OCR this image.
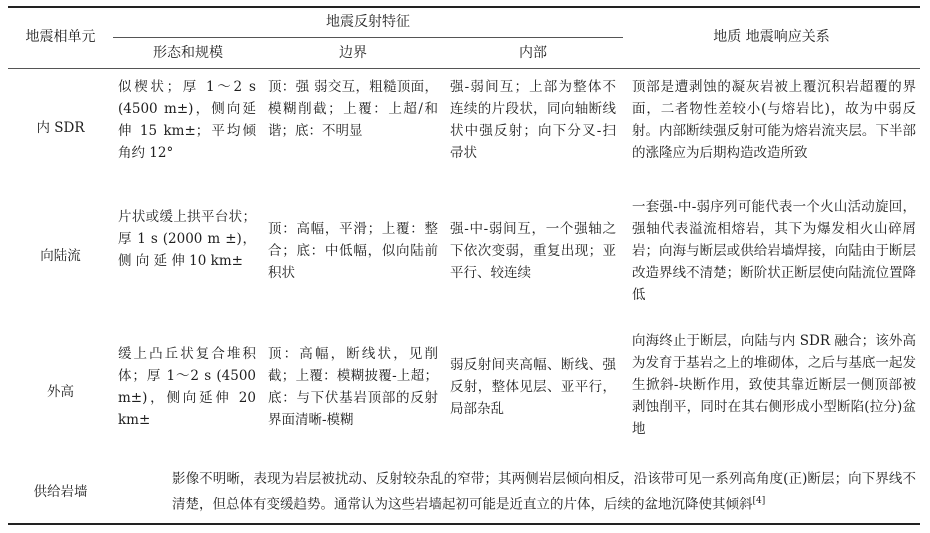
地震相单元
地震反射特征
形态和规模	边界	内部
地质 地震响应关系
内 SDR
似楔状；厚 1～2 s (4500 m±)，侧向延伸 15 km±；平均倾角约 12°
顶：强 弱交互，粗糙顶面，模糊削截；上覆：上超/和谐；底：不明显
强-弱间互；上部为整体不连续的片段状，同向轴断线状中强反射；向下分叉-扫帚状
顶部是遭剥蚀的凝灰岩被上覆沉积岩超覆的界面，二者物性差较小(与熔岩比)，故为中弱反射。内部断续强反射可能为熔岩流夹层。下半部的涨隆应为后期构造改造所致
向陆流
片状或缓上拱平台状；厚 1 s (2000 m ±)，侧 向 延 伸 10 km±
顶：高幅，平滑；上覆：整合；底：中低幅，似向陆前积状
强-中-弱间互，一个强轴之下依次变弱，重复出现；亚平行、较连续
一套强-中-弱序列可能代表一个火山活动旋回，强轴代表溢流相熔岩，其下为爆发相火山碎屑岩；向海与断层或供给岩墙焊接，向陆由于断层改造界线不清楚；断阶状正断层使向陆流位置降低
外高
缓上凸丘状复合堆积体；厚 1～2 s (4500 m±)，侧向延伸 20 km±
顶：高幅，断线状，见削截；上覆：模糊披覆-上超；底：与下伏基岩顶部的反射界面清晰-模糊
弱反射间夹高幅、断线、强反射，整体见层、亚平行，局部杂乱
向海终止于断层，向陆与内 SDR 融合；该外高为发育于基岩之上的堆砌体，之后与基底一起发生掀斜-块断作用，致使其靠近断层一侧顶部被剥蚀削平，同时在其右侧形成小型断陷(拉分)盆地
供给岩墙
影像不明晰，表现为岩层被扰动、反射较杂乱的窄带；其两侧岩层倾向相反，沿该带可见一系列高角度(正)断层；向下界线不清楚，但总体有变缓趋势。通常认为这些岩墙起初可能是近直立的片体，后续的盆地沉降使其倾斜[4]
